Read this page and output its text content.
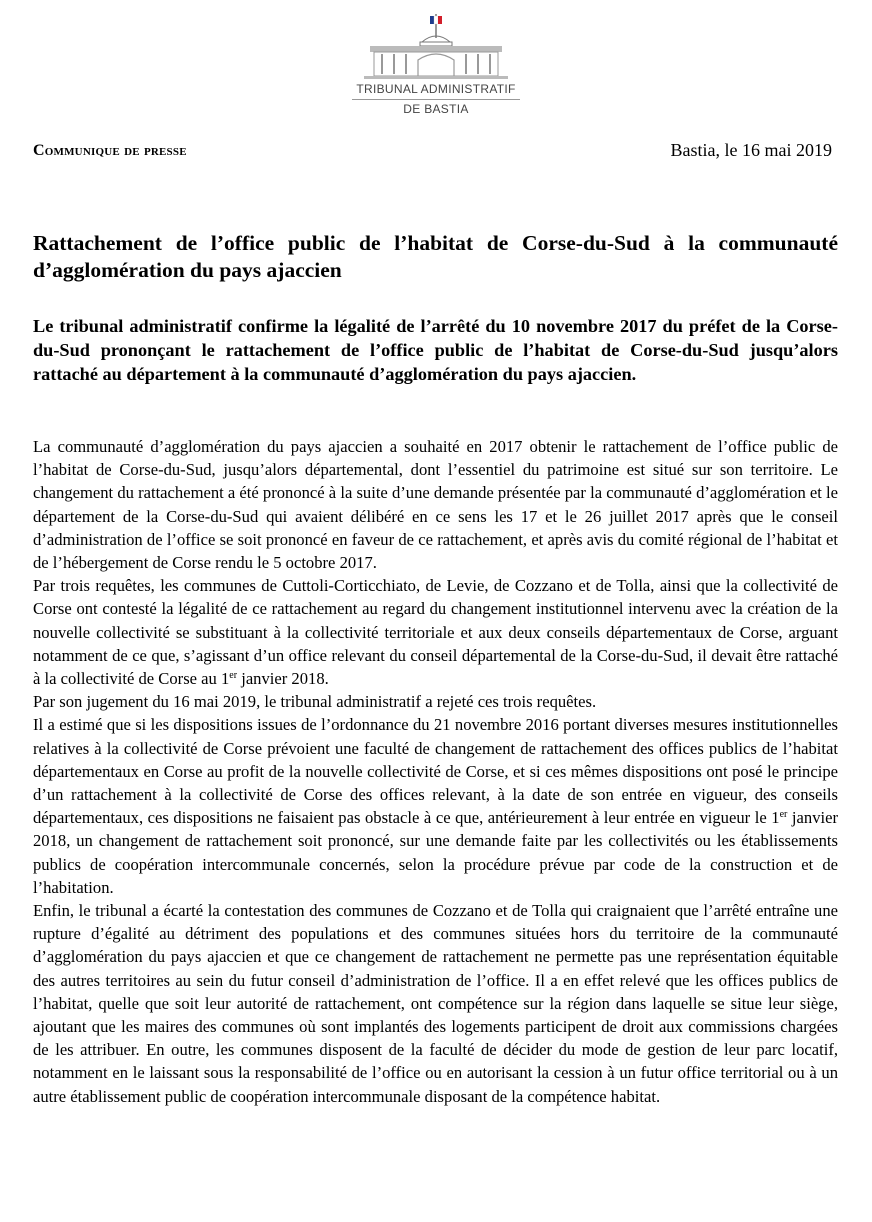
TRIBUNAL ADMINISTRATIF
DE BASTIA
Communique de presse	Bastia, le 16 mai 2019
Rattachement de l’office public de l’habitat de Corse-du-Sud à la communauté d’agglomération du pays ajaccien
Le tribunal administratif confirme la légalité de l’arrêté du 10 novembre 2017 du préfet de la Corse-du-Sud prononçant le rattachement de l’office public de l’habitat de Corse-du-Sud jusqu’alors rattaché au département à la communauté d’agglomération du pays ajaccien.

La communauté d’agglomération du pays ajaccien a souhaité en 2017 obtenir le rattachement de l’office public de l’habitat de Corse-du-Sud, jusqu’alors départemental, dont l’essentiel du patrimoine est situé sur son territoire. Le changement du rattachement a été prononcé à la suite d’une demande présentée par la communauté d’agglomération et le département de la Corse-du-Sud qui avaient délibéré en ce sens les 17 et le 26 juillet 2017 après que le conseil d’administration de l’office se soit prononcé en faveur de ce rattachement, et après avis du comité régional de l’habitat et de l’hébergement de Corse rendu le 5 octobre 2017.

Par trois requêtes, les communes de Cuttoli-Corticchiato, de Levie, de Cozzano et de Tolla, ainsi que la collectivité de Corse ont contesté la légalité de ce rattachement au regard du changement institutionnel intervenu avec la création de la nouvelle collectivité se substituant à la collectivité territoriale et aux deux conseils départementaux de Corse, arguant notamment de ce que, s’agissant d’un office relevant du conseil départemental de la Corse-du-Sud, il devait être rattaché à la collectivité de Corse au 1er janvier 2018.

Par son jugement du 16 mai 2019, le tribunal administratif a rejeté ces trois requêtes.

Il a estimé que si les dispositions issues de l’ordonnance du 21 novembre 2016 portant diverses mesures institutionnelles relatives à la collectivité de Corse prévoient une faculté de changement de rattachement des offices publics de l’habitat départementaux en Corse au profit de la nouvelle collectivité de Corse, et si ces mêmes dispositions ont posé le principe d’un rattachement à la collectivité de Corse des offices relevant, à la date de son entrée en vigueur, des conseils départementaux, ces dispositions ne faisaient pas obstacle à ce que, antérieurement à leur entrée en vigueur le 1er janvier 2018, un changement de rattachement soit prononcé, sur une demande faite par les collectivités ou les établissements publics de coopération intercommunale concernés, selon la procédure prévue par code de la construction et de l’habitation.

Enfin, le tribunal a écarté la contestation des communes de Cozzano et de Tolla qui craignaient que l’arrêté entraîne une rupture d’égalité au détriment des populations et des communes situées hors du territoire de la communauté d’agglomération du pays ajaccien et que ce changement de rattachement ne permette pas une représentation équitable des autres territoires au sein du futur conseil d’administration de l’office. Il a en effet relevé que les offices publics de l’habitat, quelle que soit leur autorité de rattachement, ont compétence sur la région dans laquelle se situe leur siège, ajoutant que les maires des communes où sont implantés des logements participent de droit aux commissions chargées de les attribuer. En outre, les communes disposent de la faculté de décider du mode de gestion de leur parc locatif, notamment en le laissant sous la responsabilité de l’office ou en autorisant la cession à un futur office territorial ou à un autre établissement public de coopération intercommunale disposant de la compétence habitat.
